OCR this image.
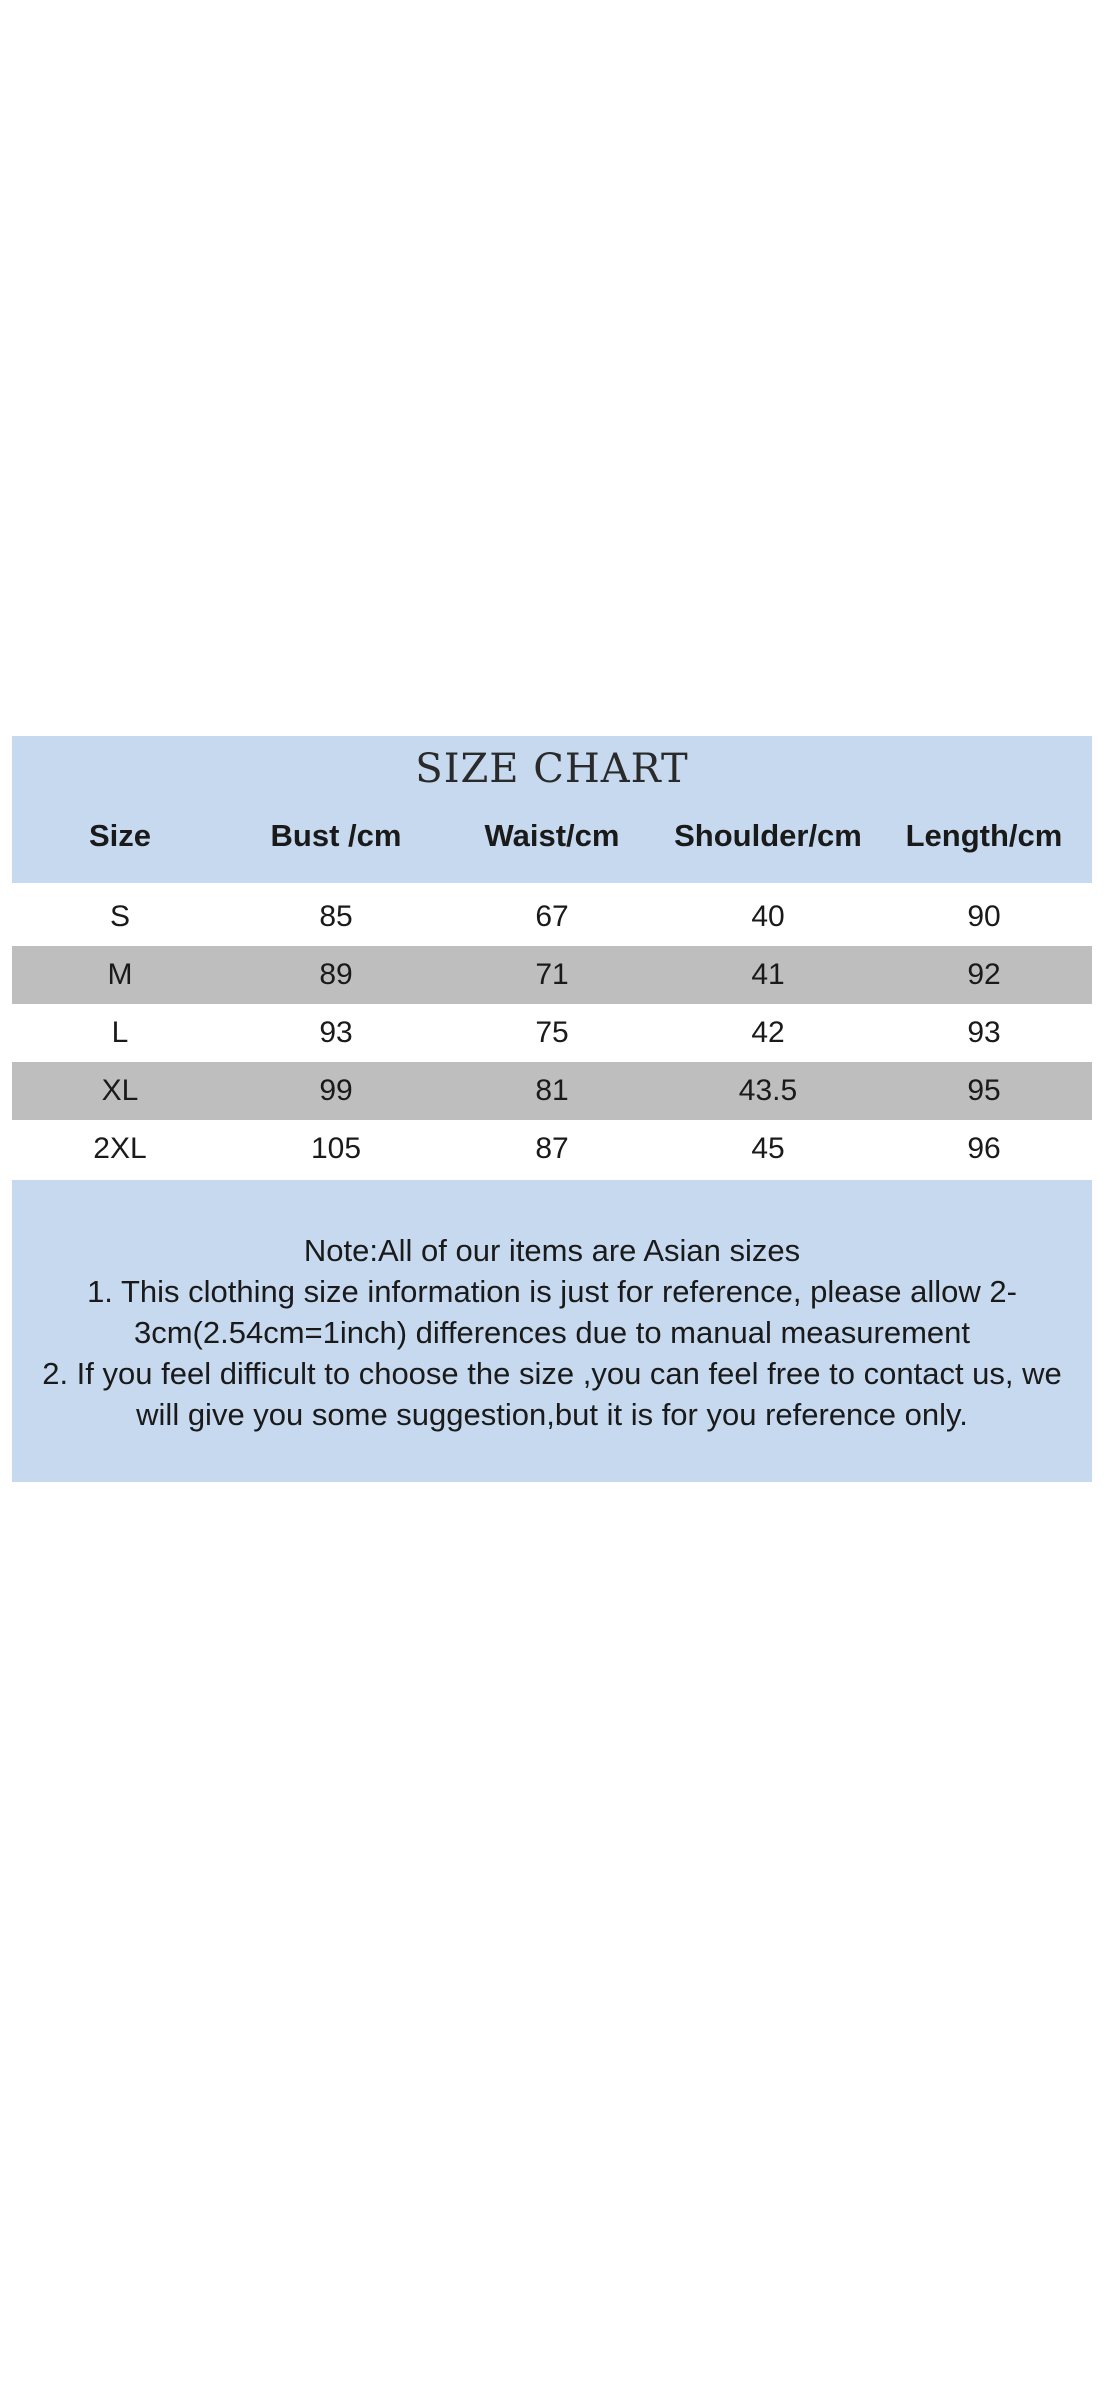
SIZE CHART
Size	Bust /cm	Waist/cm	Shoulder/cm	Length/cm
S	85	67	40	90
M	89	71	41	92
L	93	75	42	93
XL	99	81	43.5	95
2XL	105	87	45	96
Note:All of our items are Asian sizes
1. This clothing size information is just for reference, please allow 2-
3cm(2.54cm=1inch) differences due to manual measurement
2. If you feel difficult to choose the size ,you can feel free to contact us, we
will give you some suggestion,but it is for you reference only.
